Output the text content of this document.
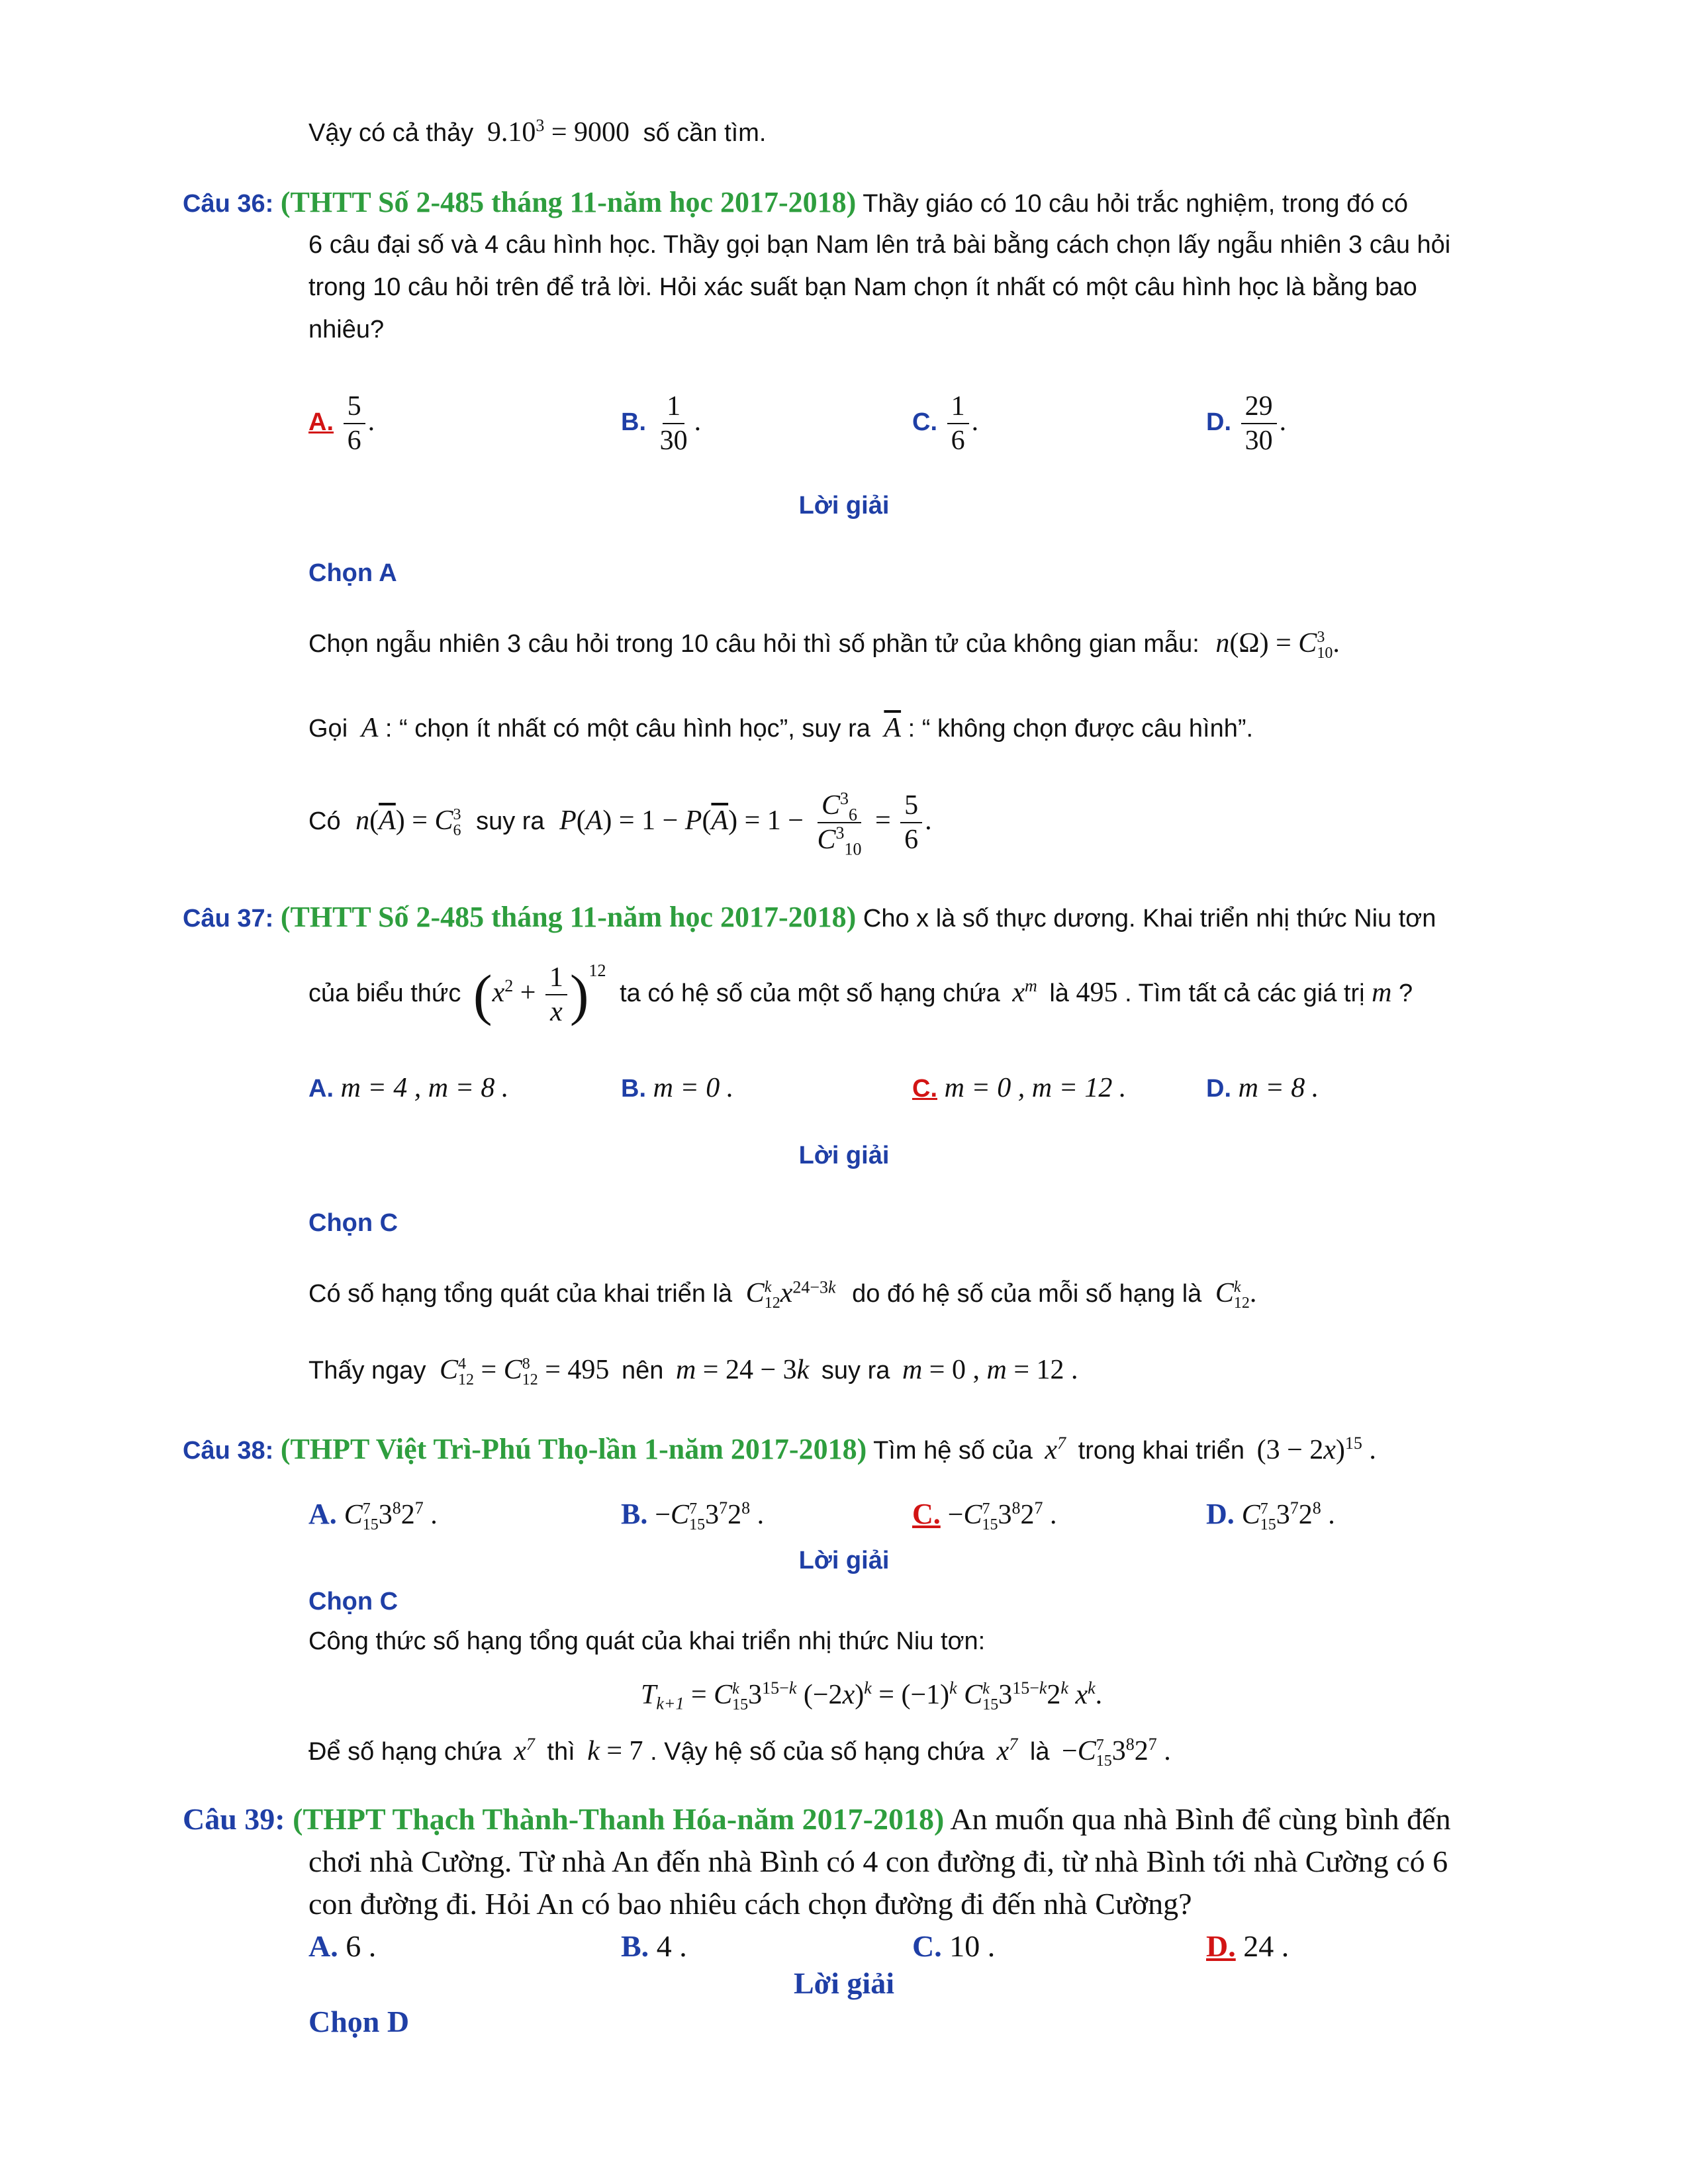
Vậy có cả thảy $9.10^3 = 9000$ số cần tìm.
Câu 36: (THTT Số 2-485 tháng 11-năm học 2017-2018) Thầy giáo có 10 câu hỏi trắc nghiệm, trong đó có
6 câu đại số và 4 câu hình học. Thầy gọi bạn Nam lên trả bài bằng cách chọn lấy ngẫu nhiên 3 câu hỏi
trong 10 câu hỏi trên để trả lời. Hỏi xác suất bạn Nam chọn ít nhất có một câu hình học là bằng bao
nhiêu?
A. $\frac{5}{6}$ .	B. $\frac{1}{30}$ .	C. $\frac{1}{6}$ .	D. $\frac{29}{30}$ .
Lời giải
Chọn A
Chọn ngẫu nhiên 3 câu hỏi trong 10 câu hỏi thì số phần tử của không gian mẫu: n(Ω) = C 3
10 .
Gọi A : “ chọn ít nhất có một câu hình học”, suy ra $\overline{A}$ : “ không chọn được câu hình”.
Có $n(\overline{A}) = C$ 3
6 suy ra $P(A) = 1 - P(\overline{A}) = 1 - \frac{C^3_6}{C^3_{10}} = \frac{5}{6}$ .
Câu 37: (THTT Số 2-485 tháng 11-năm học 2017-2018) Cho x là số thực dương. Khai triển nhị thức Niu tơn
của biểu thức $(x^2 + \frac{1}{x} )^{12}$ ta có hệ số của một số hạng chứa $x^m$ là 495 . Tìm tất cả các giá trị m ?
A. m = 4 , m = 8 .	B. m = 0 .	C. m = 0 , m = 12 .	D. m = 8 .
Lời giải
Chọn C
Có số hạng tổng quát của khai triển là C k
12 $x^{24-3k}$ do đó hệ số của mỗi số hạng là C k
12 .
Thấy ngay C 4
12 = C 8
12 = 495 nên m = 24 − 3k suy ra m = 0 , m = 12 .
Câu 38: (THPT Việt Trì-Phú Thọ-lần 1-năm 2017-2018) Tìm hệ số của $x^7$ trong khai triển $(3 - 2x)^{15}$ .
A. C 7
15 $3^82^7$ .	B. −C 7
15 $3^72^8$ .	C. −C 7
15 $3^82^7$ .	D. C 7
15 $3^72^8$ .
Lời giải
Chọn C
Công thức số hạng tổng quát của khai triển nhị thức Niu tơn:
$T_{k+1} = C$ k
15 $3^{15-k}$ $(-2x)^k = (-1)^k$ C k
15 $3^{15-k}2^k$ $x^k$.
Để số hạng chứa $x^7$ thì k = 7 . Vậy hệ số của số hạng chứa $x^7$ là −C 7
15 $3^82^7$ .
Câu 39: (THPT Thạch Thành-Thanh Hóa-năm 2017-2018) An muốn qua nhà Bình để cùng bình đến
chơi nhà Cường. Từ nhà An đến nhà Bình có 4 con đường đi, từ nhà Bình tới nhà Cường có 6
con đường đi. Hỏi An có bao nhiêu cách chọn đường đi đến nhà Cường?
A. 6 .	B. 4 .	C. 10 .	D. 24 .
Lời giải
Chọn D
